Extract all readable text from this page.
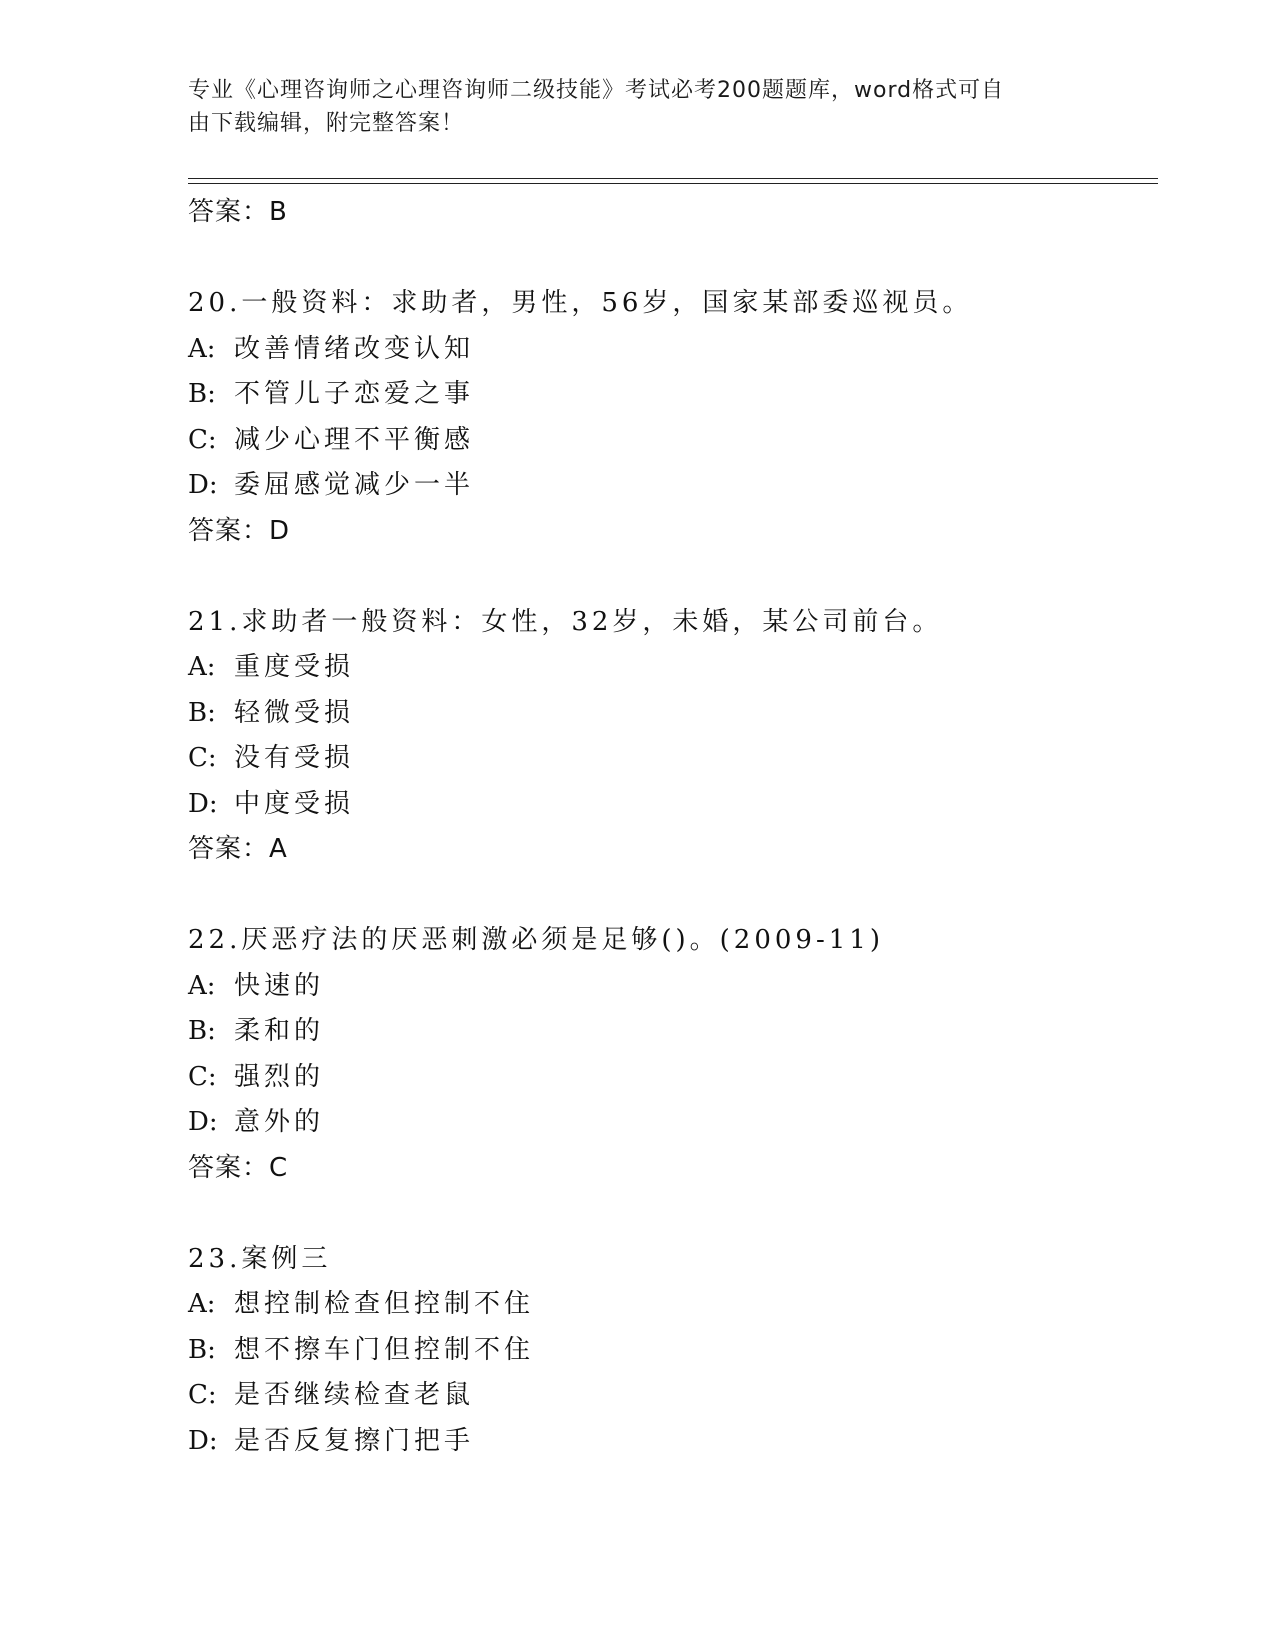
专业《心理咨询师之心理咨询师二级技能》考试必考200题题库，word格式可自
由下载编辑，附完整答案！
答案：B
20.一般资料：求助者，男性，56岁，国家某部委巡视员。
A: 改善情绪改变认知
B: 不管儿子恋爱之事
C: 减少心理不平衡感
D: 委屈感觉减少一半
答案：D
21.求助者一般资料：女性，32岁，未婚，某公司前台。
A: 重度受损
B: 轻微受损
C: 没有受损
D: 中度受损
答案：A
22.厌恶疗法的厌恶刺激必须是足够()。(2009-11)
A: 快速的
B: 柔和的
C: 强烈的
D: 意外的
答案：C
23.案例三
A: 想控制检查但控制不住
B: 想不擦车门但控制不住
C: 是否继续检查老鼠
D: 是否反复擦门把手
